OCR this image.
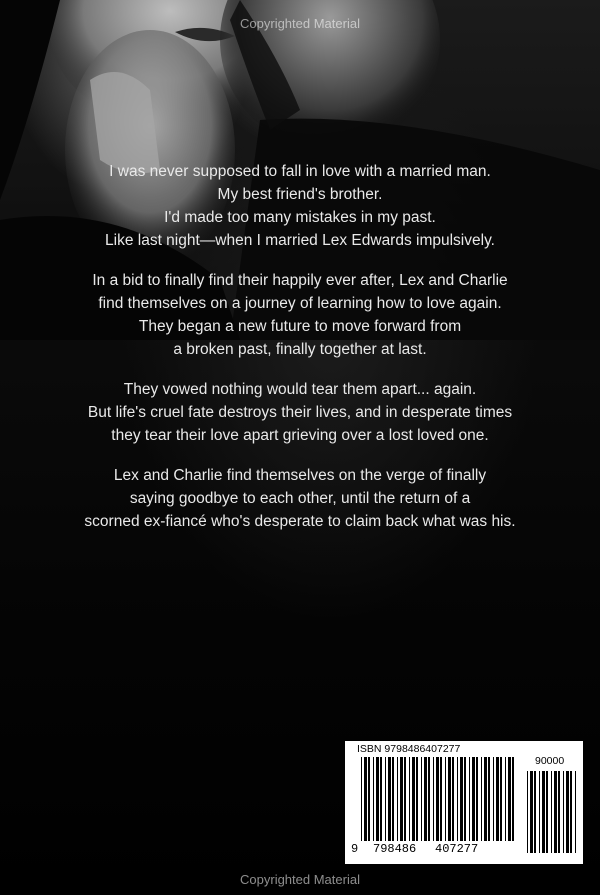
Copyrighted Material

I was never supposed to fall in love with a married man.
My best friend's brother.
I'd made too many mistakes in my past.
Like last night—when I married Lex Edwards impulsively.

In a bid to finally find their happily ever after, Lex and Charlie
find themselves on a journey of learning how to love again.
They began a new future to move forward from
a broken past, finally together at last.

They vowed nothing would tear them apart... again.
But life's cruel fate destroys their lives, and in desperate times
they tear their love apart grieving over a lost loved one.

Lex and Charlie find themselves on the verge of finally
saying goodbye to each other, until the return of a
scorned ex-fiancé who's desperate to claim back what was his.

ISBN 9798486407277
90000
9 798486 407277
Copyrighted Material
